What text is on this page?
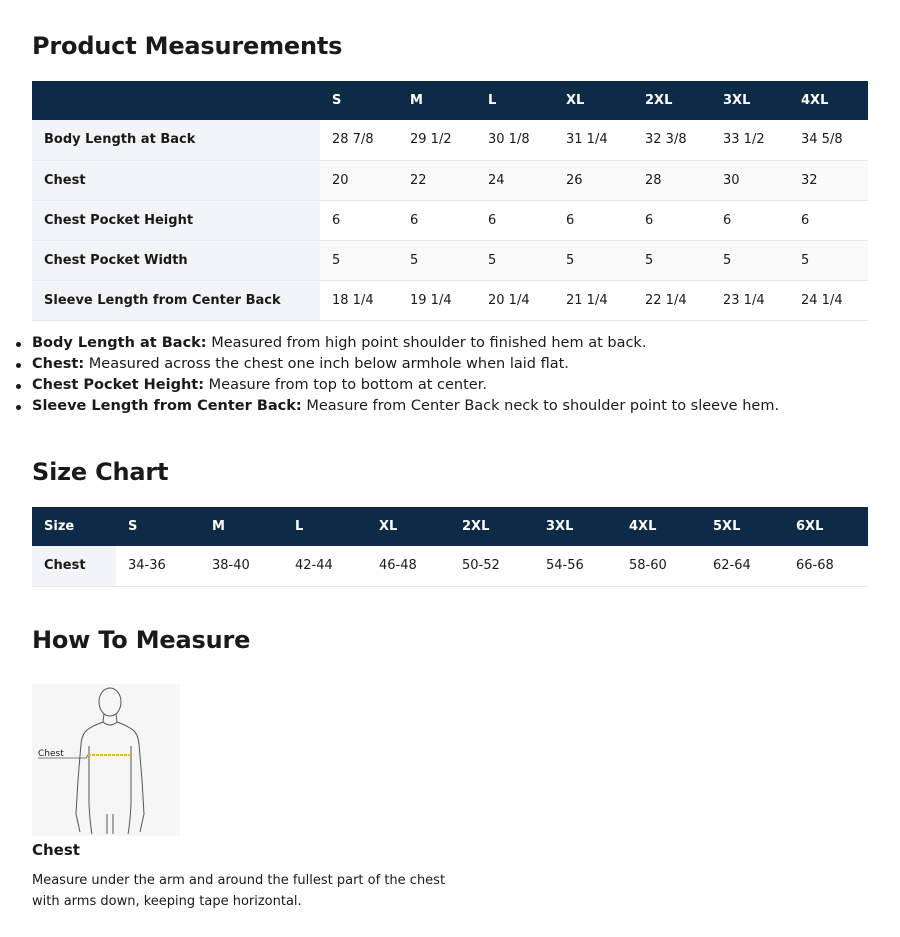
Product Measurements
	S	M	L	XL	2XL	3XL	4XL
Body Length at Back	28 7/8	29 1/2	30 1/8	31 1/4	32 3/8	33 1/2	34 5/8
Chest	20	22	24	26	28	30	32
Chest Pocket Height	6	6	6	6	6	6	6
Chest Pocket Width	5	5	5	5	5	5	5
Sleeve Length from Center Back	18 1/4	19 1/4	20 1/4	21 1/4	22 1/4	23 1/4	24 1/4
Body Length at Back: Measured from high point shoulder to finished hem at back.
Chest: Measured across the chest one inch below armhole when laid flat.
Chest Pocket Height: Measure from top to bottom at center.
Sleeve Length from Center Back: Measure from Center Back neck to shoulder point to sleeve hem.
Size Chart
Size	S	M	L	XL	2XL	3XL	4XL	5XL	6XL
Chest	34-36	38-40	42-44	46-48	50-52	54-56	58-60	62-64	66-68
How To Measure
Chest
Chest
Measure under the arm and around the fullest part of the chest with arms down, keeping tape horizontal.
